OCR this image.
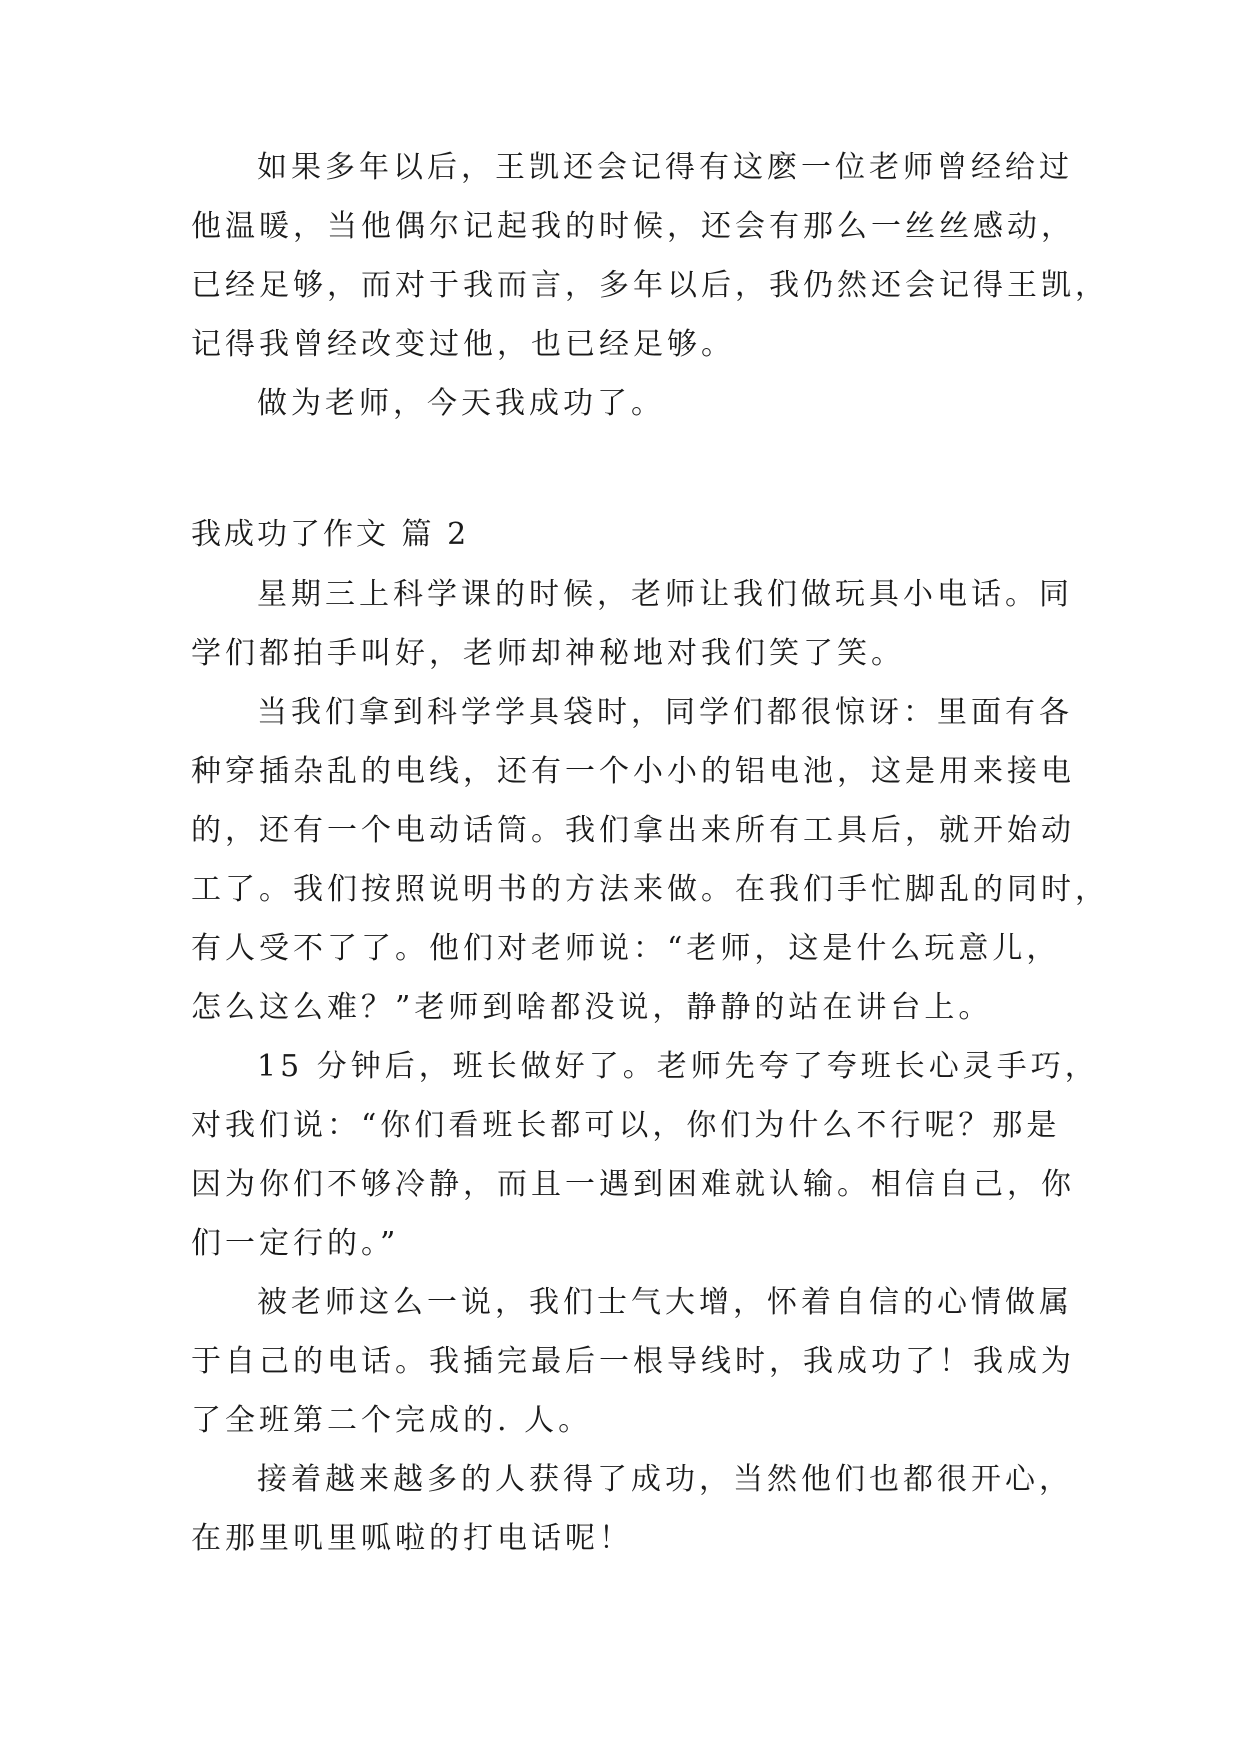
如果多年以后，王凯还会记得有这麽一位老师曾经给过
他温暖，当他偶尔记起我的时候，还会有那么一丝丝感动，
已经足够，而对于我而言，多年以后，我仍然还会记得王凯，
记得我曾经改变过他，也已经足够。
做为老师，今天我成功了。
我成功了作文 篇 2
星期三上科学课的时候，老师让我们做玩具小电话。同
学们都拍手叫好，老师却神秘地对我们笑了笑。
当我们拿到科学学具袋时，同学们都很惊讶：里面有各
种穿插杂乱的电线，还有一个小小的铝电池，这是用来接电
的，还有一个电动话筒。我们拿出来所有工具后，就开始动
工了。我们按照说明书的方法来做。在我们手忙脚乱的同时，
有人受不了了。他们对老师说：“老师，这是什么玩意儿，
怎么这么难？”老师到啥都没说，静静的站在讲台上。
15 分钟后，班长做好了。老师先夸了夸班长心灵手巧，
对我们说：“你们看班长都可以，你们为什么不行呢？那是
因为你们不够冷静，而且一遇到困难就认输。相信自己，你
们一定行的。”
被老师这么一说，我们士气大增，怀着自信的心情做属
于自己的电话。我插完最后一根导线时，我成功了！我成为
了全班第二个完成的. 人。
接着越来越多的人获得了成功，当然他们也都很开心，
在那里叽里呱啦的打电话呢！
